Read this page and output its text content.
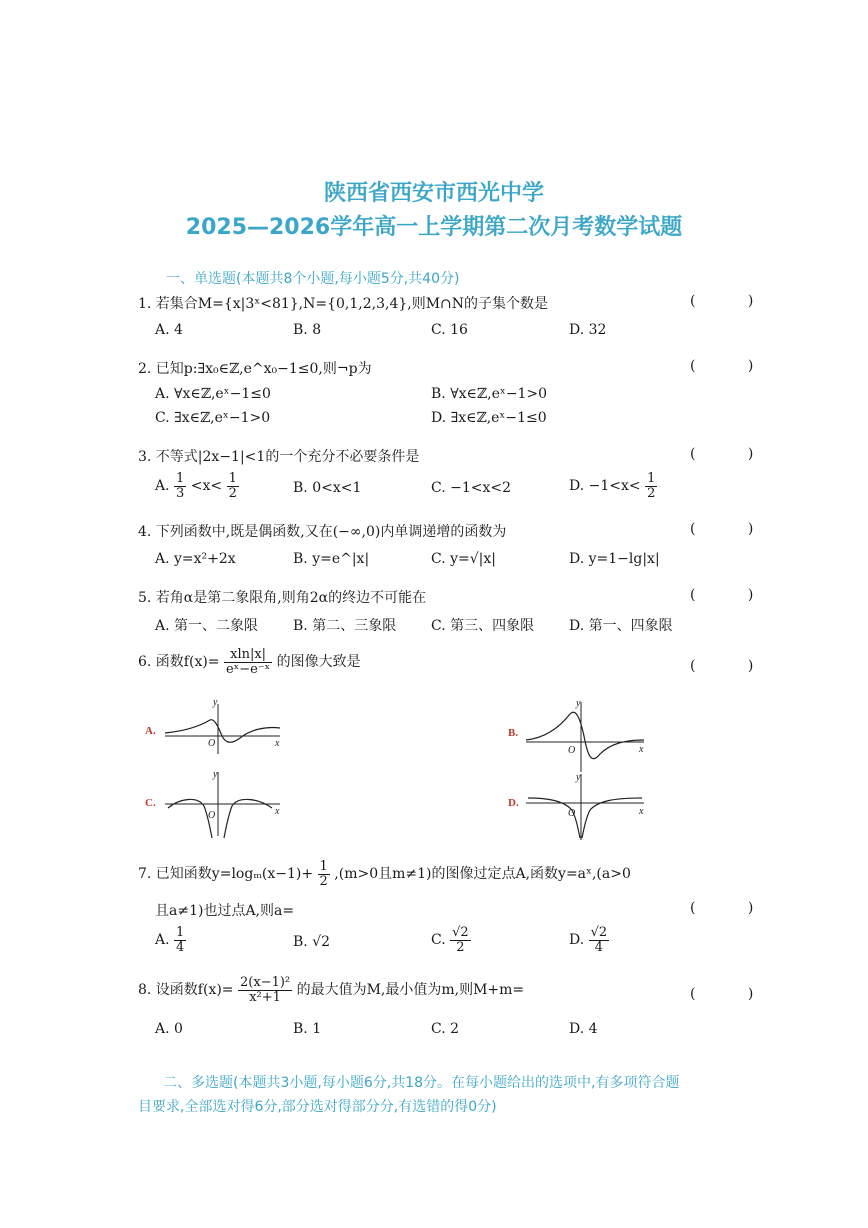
陕西省西安市西光中学
2025—2026学年高一上学期第二次月考数学试题
一、单选题(本题共8个小题,每小题5分,共40分)
1. 若集合M={x|3ˣ<81},N={0,1,2,3,4},则M∩N的子集个数是	( )
A. 4	B. 8	C. 16	D. 32
2. 已知p:∃x₀∈ℤ,e^x₀−1≤0,则¬p为	( )
A. ∀x∈ℤ,eˣ−1≤0	B. ∀x∈ℤ,eˣ−1>0
C. ∃x∈ℤ,eˣ−1>0	D. ∃x∈ℤ,eˣ−1≤0
3. 不等式|2x−1|<1的一个充分不必要条件是	( )
A. $\frac{1}{3} <x< \frac{1}{2}$	B. 0<x<1	C. −1<x<2	D. $-1<x< \frac{1}{2}$
4. 下列函数中,既是偶函数,又在(−∞,0)内单调递增的函数为	( )
A. y=x²+2x	B. y=e^|x|	C. y=√|x|	D. y=1−lg|x|
5. 若角α是第二象限角,则角2α的终边不可能在	( )
A. 第一、二象限 B. 第二、三象限 C. 第三、四象限 D. 第一、四象限
6. 函数$f(x)= \frac{xln|x|}{\text{eˣ−e⁻ˣ}}$ 的图像大致是	( )
A.
y
x
O
B.
y
x
O
C.
y
x
O
D.
y
x
O
7. 已知函数$y=\log_m(x-1)+ \frac{1}{2} ,(m>0$且m≠1)的图像过定点A,函数y=aˣ,(a>0
且a≠1)也过点A,则a=	( )
A. $\frac{1}{4}$	B. √2	C. $\frac{√2}{2}$	D. $\frac{√2}{4}$
8. 设函数$f(x)= \frac{\text{2(x−1)²}}{\text{x²+1}}$ 的最大值为M,最小值为m,则M+m=	( )
A. 0	B. 1	C. 2	D. 4
二、多选题(本题共3小题,每小题6分,共18分。在每小题给出的选项中,有多项符合题
目要求,全部选对得6分,部分选对得部分分,有选错的得0分)
